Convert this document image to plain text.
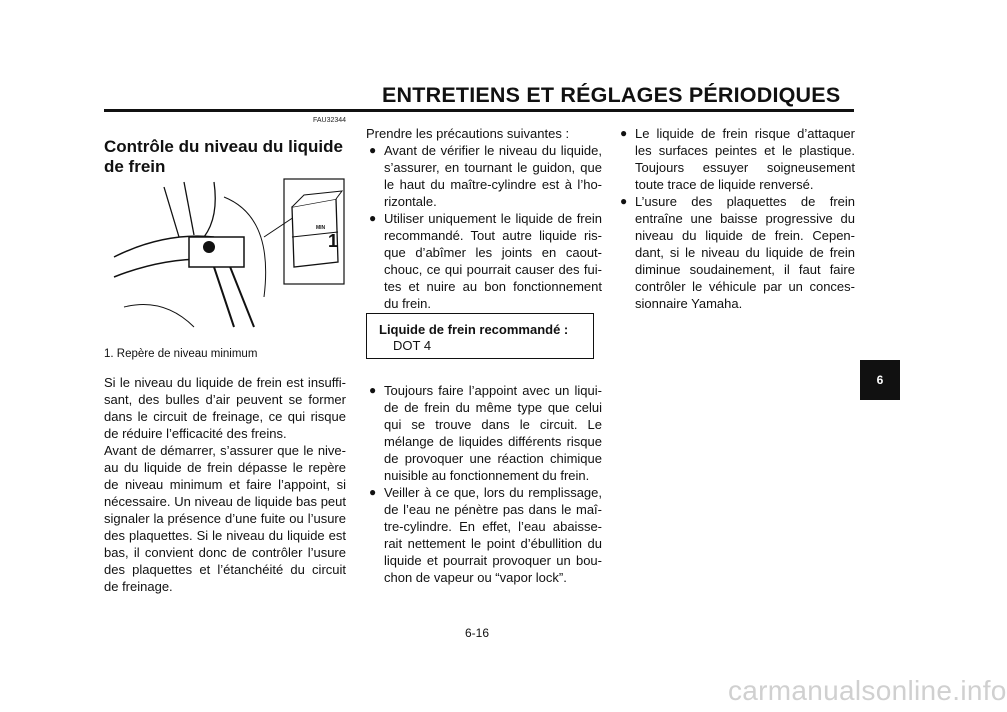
ENTRETIENS ET RÉGLAGES PÉRIODIQUES
FAU32344
Contrôle du niveau du liquide de frein
1
MIN
1. Repère de niveau minimum

Si le niveau du liquide de frein est insuffi-sant, des bulles d’air peuvent se former dans le circuit de freinage, ce qui risque de réduire l’efficacité des freins.

Avant de démarrer, s’assurer que le nive-au du liquide de frein dépasse le repère de niveau minimum et faire l’appoint, si nécessaire. Un niveau de liquide bas peut signaler la présence d’une fuite ou l’usure des plaquettes. Si le niveau du liquide est bas, il convient donc de contrôler l’usure des plaquettes et l’étanchéité du circuit de freinage.

Prendre les précautions suivantes :

● Avant de vérifier le niveau du liquide, s’assurer, en tournant le guidon, que le haut du maître-cylindre est à l’ho-rizontale.
● Utiliser uniquement le liquide de frein recommandé. Tout autre liquide ris-que d’abîmer les joints en caout-chouc, ce qui pourrait causer des fui-tes et nuire au bon fonctionnement du frein.
Liquide de frein recommandé :
DOT 4
● Toujours faire l’appoint avec un liqui-de de frein du même type que celui qui se trouve dans le circuit. Le mélange de liquides différents risque de provoquer une réaction chimique nuisible au fonctionnement du frein.
● Veiller à ce que, lors du remplissage, de l’eau ne pénètre pas dans le maî-tre-cylindre. En effet, l’eau abaisse-rait nettement le point d’ébullition du liquide et pourrait provoquer un bou-chon de vapeur ou “vapor lock”.
● Le liquide de frein risque d’attaquer les surfaces peintes et le plastique. Toujours essuyer soigneusement toute trace de liquide renversé.
● L’usure des plaquettes de frein entraîne une baisse progressive du niveau du liquide de frein. Cepen-dant, si le niveau du liquide de frein diminue soudainement, il faut faire contrôler le véhicule par un conces-sionnaire Yamaha.
6-16
6
carmanualsonline.info
